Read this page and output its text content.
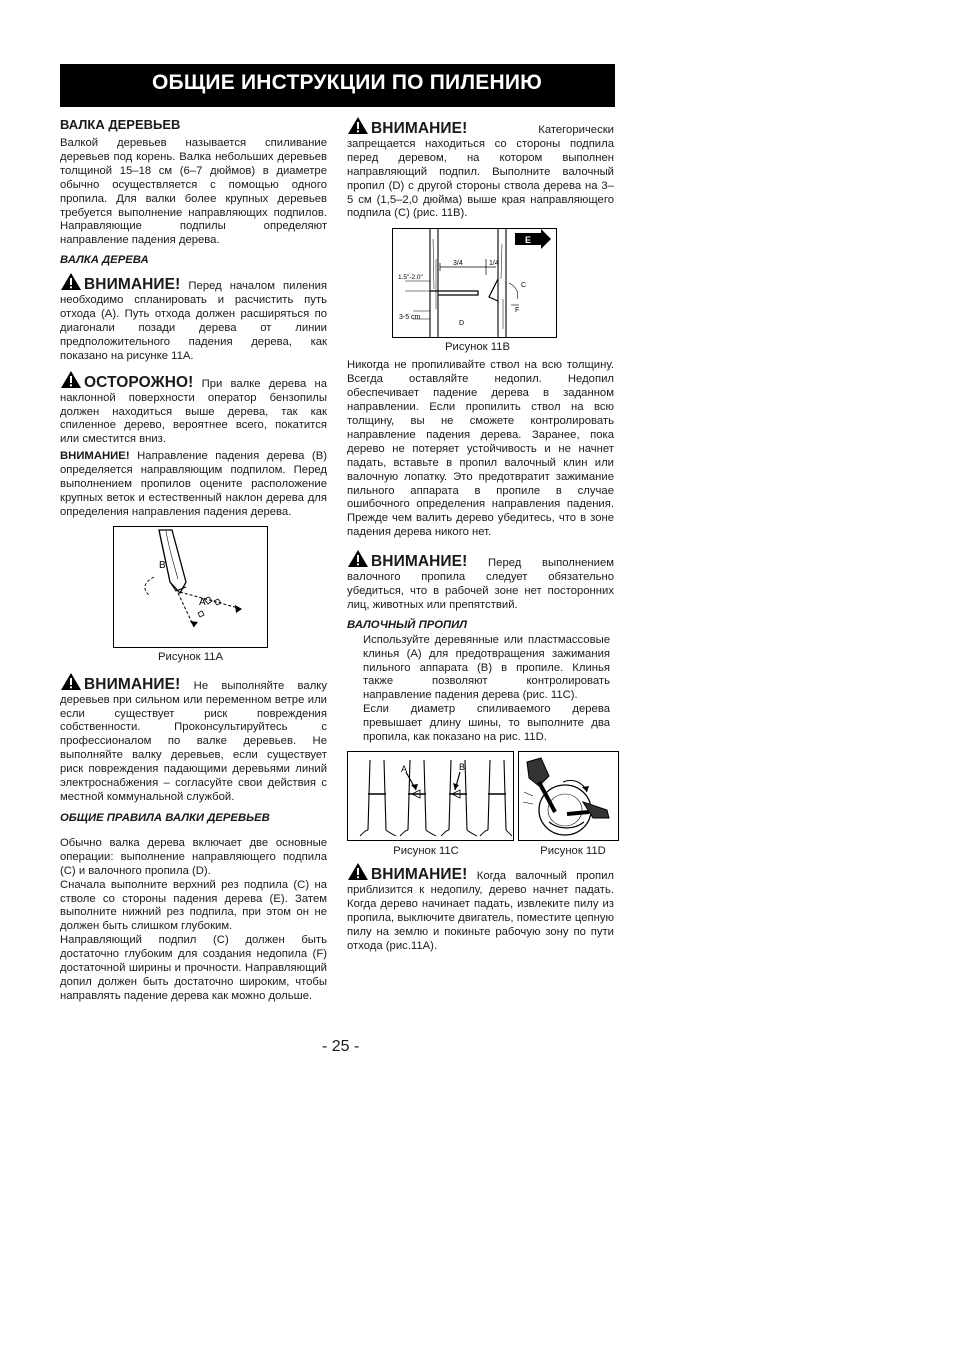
ОБЩИЕ ИНСТРУКЦИИ ПО ПИЛЕНИЮ
ВАЛКА ДЕРЕВЬЕВ

Валкой деревьев называется спиливание деревьев под корень. Валка небольших деревьев толщиной 15–18 см (6–7 дюймов) в диаметре обычно осуществляется с помощью одного пропила. Для валки более крупных деревьев требуется выполнение направляющих подпилов. Направляющие подпилы определяют направление падения дерева.

ВАЛКА ДЕРЕВА

ВНИМАНИЕ! Перед началом пиления необходимо спланировать и расчистить путь отхода (А). Путь отхода должен расширяться по диагонали позади дерева от линии предположительного падения дерева, как показано на рисунке 11А.

ОСТОРОЖНО! При валке дерева на наклонной поверхности оператор бензопилы должен находиться выше дерева, так как спиленное дерево, вероятнее всего, покатится или сместится вниз.

ВНИМАНИЕ! Направление падения дерева (В) определяется направляющим подпилом. Перед выполнением пропилов оцените расположение крупных веток и естественный наклон дерева для определения направления падения дерева.

B
A
Рисунок 11А

ВНИМАНИЕ! Не выполняйте валку деревьев при сильном или переменном ветре или если существует риск повреждения собственности. Проконсультируйтесь с профессионалом по валке деревьев. Не выполняйте валку деревьев, если существует риск повреждения падающими деревьями линий электроснабжения – согласуйте свои действия с местной коммунальной службой.

ОБЩИЕ ПРАВИЛА ВАЛКИ ДЕРЕВЬЕВ

Обычно валка дерева включает две основные операции: выполнение направляющего подпила (С) и валочного пропила (D).

Сначала выполните верхний рез подпила (С) на стволе со стороны падения дерева (Е). Затем выполните нижний рез подпила, при этом он не должен быть слишком глубоким.

Направляющий подпил (С) должен быть достаточно глубоким для создания недопила (F) достаточной ширины и прочности. Направляющий допил должен быть достаточно широким, чтобы направлять падение дерева как можно дольше.

ВНИМАНИЕ! Категорически запрещается находиться со стороны подпила перед деревом, на котором выполнен направляющий подпил. Выполните валочный пропил (D) с другой стороны ствола дерева на 3–5 см (1,5–2,0 дюйма) выше края направляющего подпила (С) (рис. 11В).

E
3/4	1/4
1.5"-2.0"
C
F
3-5 cm
D
Рисунок 11В

Никогда не пропиливайте ствол на всю толщину. Всегда оставляйте недопил. Недопил обеспечивает падение дерева в заданном направлении. Если пропилить ствол на всю толщину, вы не сможете контролировать направление падения дерева. Заранее, пока дерево не потеряет устойчивость и не начнет падать, вставьте в пропил валочный клин или валочную лопатку. Это предотвратит зажимание пильного аппарата в пропиле в случае ошибочного определения направления падения. Прежде чем валить дерево убедитесь, что в зоне падения дерева никого нет.

ВНИМАНИЕ! Перед выполнением валочного пропила следует обязательно убедиться, что в рабочей зоне нет посторонних лиц, животных или препятствий.

ВАЛОЧНЫЙ ПРОПИЛ

Используйте деревянные или пластмассовые клинья (А) для предотвращения зажимания пильного аппарата (В) в пропиле. Клинья также позволяют контролировать направление падения дерева (рис. 11С).

Если диаметр спиливаемого дерева превышает длину шины, то выполните два пропила, как показано на рис. 11D.

A	B
Рисунок 11C	Рисунок 11D

ВНИМАНИЕ! Когда валочный пропил приблизится к недопилу, дерево начнет падать. Когда дерево начинает падать, извлеките пилу из пропила, выключите двигатель, поместите цепную пилу на землю и покиньте рабочую зону по пути отхода (рис.11А).

- 25 -
